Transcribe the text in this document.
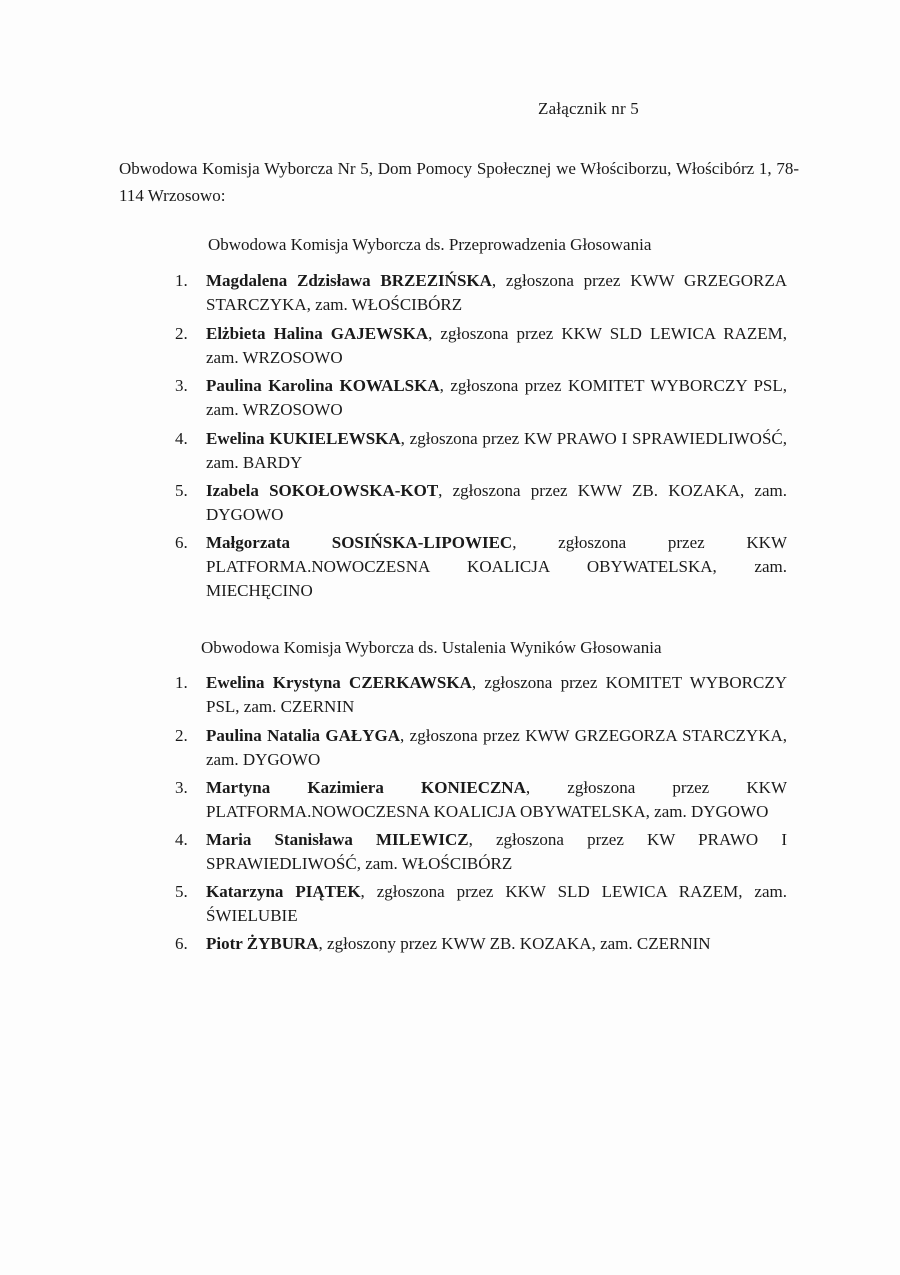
Załącznik nr 5
Obwodowa Komisja Wyborcza Nr 5, Dom Pomocy Społecznej we Włościborzu, Włościbórz 1, 78-114 Wrzosowo:
Obwodowa Komisja Wyborcza ds. Przeprowadzenia Głosowania
1. Magdalena Zdzisława BRZEZIŃSKA, zgłoszona przez KWW GRZEGORZA STARCZYKA, zam. WŁOŚCIBÓRZ
2. Elżbieta Halina GAJEWSKA, zgłoszona przez KKW SLD LEWICA RAZEM, zam. WRZOSOWO
3. Paulina Karolina KOWALSKA, zgłoszona przez KOMITET WYBORCZY PSL, zam. WRZOSOWO
4. Ewelina KUKIELEWSKA, zgłoszona przez KW PRAWO I SPRAWIEDLIWOŚĆ, zam. BARDY
5. Izabela SOKOŁOWSKA-KOT, zgłoszona przez KWW ZB. KOZAKA, zam. DYGOWO
6. Małgorzata SOSIŃSKA-LIPOWIEC, zgłoszona przez KKW PLATFORMA.NOWOCZESNA KOALICJA OBYWATELSKA, zam. MIECHĘCINO
Obwodowa Komisja Wyborcza ds. Ustalenia Wyników Głosowania
1. Ewelina Krystyna CZERKAWSKA, zgłoszona przez KOMITET WYBORCZY PSL, zam. CZERNIN
2. Paulina Natalia GAŁYGA, zgłoszona przez KWW GRZEGORZA STARCZYKA, zam. DYGOWO
3. Martyna Kazimiera KONIECZNA, zgłoszona przez KKW PLATFORMA.NOWOCZESNA KOALICJA OBYWATELSKA, zam. DYGOWO
4. Maria Stanisława MILEWICZ, zgłoszona przez KW PRAWO I SPRAWIEDLIWOŚĆ, zam. WŁOŚCIBÓRZ
5. Katarzyna PIĄTEK, zgłoszona przez KKW SLD LEWICA RAZEM, zam. ŚWIELUBIE
6. Piotr ŻYBURA, zgłoszony przez KWW ZB. KOZAKA, zam. CZERNIN
